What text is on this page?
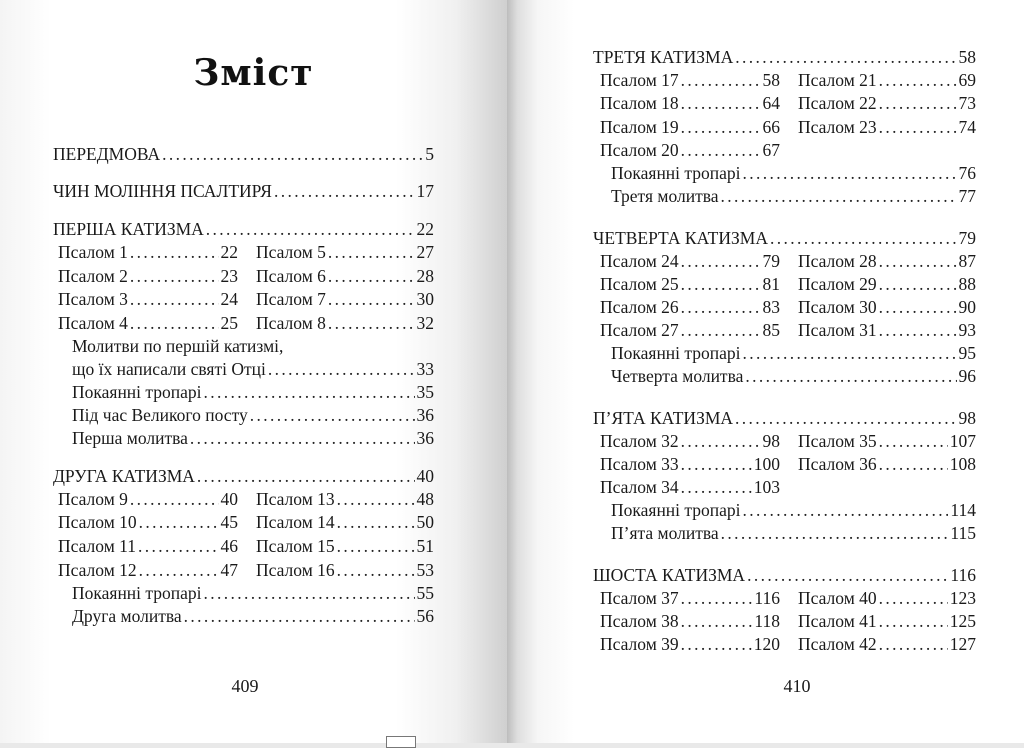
Зміст
ПЕРЕДМОВА . . .	5
ЧИН МОЛІННЯ ПСАЛТИРЯ . . .	17
ПЕРША КАТИЗМА . . .	22
Псалом 1 . . .	22 Псалом 5 . . .	27
Псалом 2 . . .	23 Псалом 6 . . .	28
Псалом 3 . . .	24 Псалом 7 . . .	30
Псалом 4 . . .	25 Псалом 8 . . .	32
Молитви по першій катизмі,
що їх написали святі Отці . . .	33
Покаянні тропарі . . .	35
Під час Великого посту . . .	36
Перша молитва . . .	36
ДРУГА КАТИЗМА . . .	40
Псалом 9 . . .	40 Псалом 13 . . .	48
Псалом 10 . . .	45 Псалом 14 . . .	50
Псалом 11 . . .	46 Псалом 15 . . .	51
Псалом 12 . . .	47 Псалом 16 . . .	53
Покаянні тропарі . . .	55
Друга молитва . . .	56
409
ТРЕТЯ КАТИЗМА . . .	58
Псалом 17 . . .	58 Псалом 21 . . .	69
Псалом 18 . . .	64 Псалом 22 . . .	73
Псалом 19 . . .	66 Псалом 23 . . .	74
Псалом 20 . . .	67
Покаянні тропарі . . .	76
Третя молитва . . .	77
ЧЕТВЕРТА КАТИЗМА . . .	79
Псалом 24 . . .	79 Псалом 28 . . .	87
Псалом 25 . . .	81 Псалом 29 . . .	88
Псалом 26 . . .	83 Псалом 30 . . .	90
Псалом 27 . . .	85 Псалом 31 . . .	93
Покаянні тропарі . . .	95
Четверта молитва . . .	96
П’ЯТА КАТИЗМА . . .	98
Псалом 32 . . .	98 Псалом 35 . . .	107
Псалом 33 . . .	100 Псалом 36 . . .	108
Псалом 34 . . .	103
Покаянні тропарі . . .	114
П’ята молитва . . .	115
ШОСТА КАТИЗМА . . .	116
Псалом 37 . . .	116 Псалом 40 . . .	123
Псалом 38 . . .	118 Псалом 41 . . .	125
Псалом 39 . . .	120 Псалом 42 . . .	127
410
